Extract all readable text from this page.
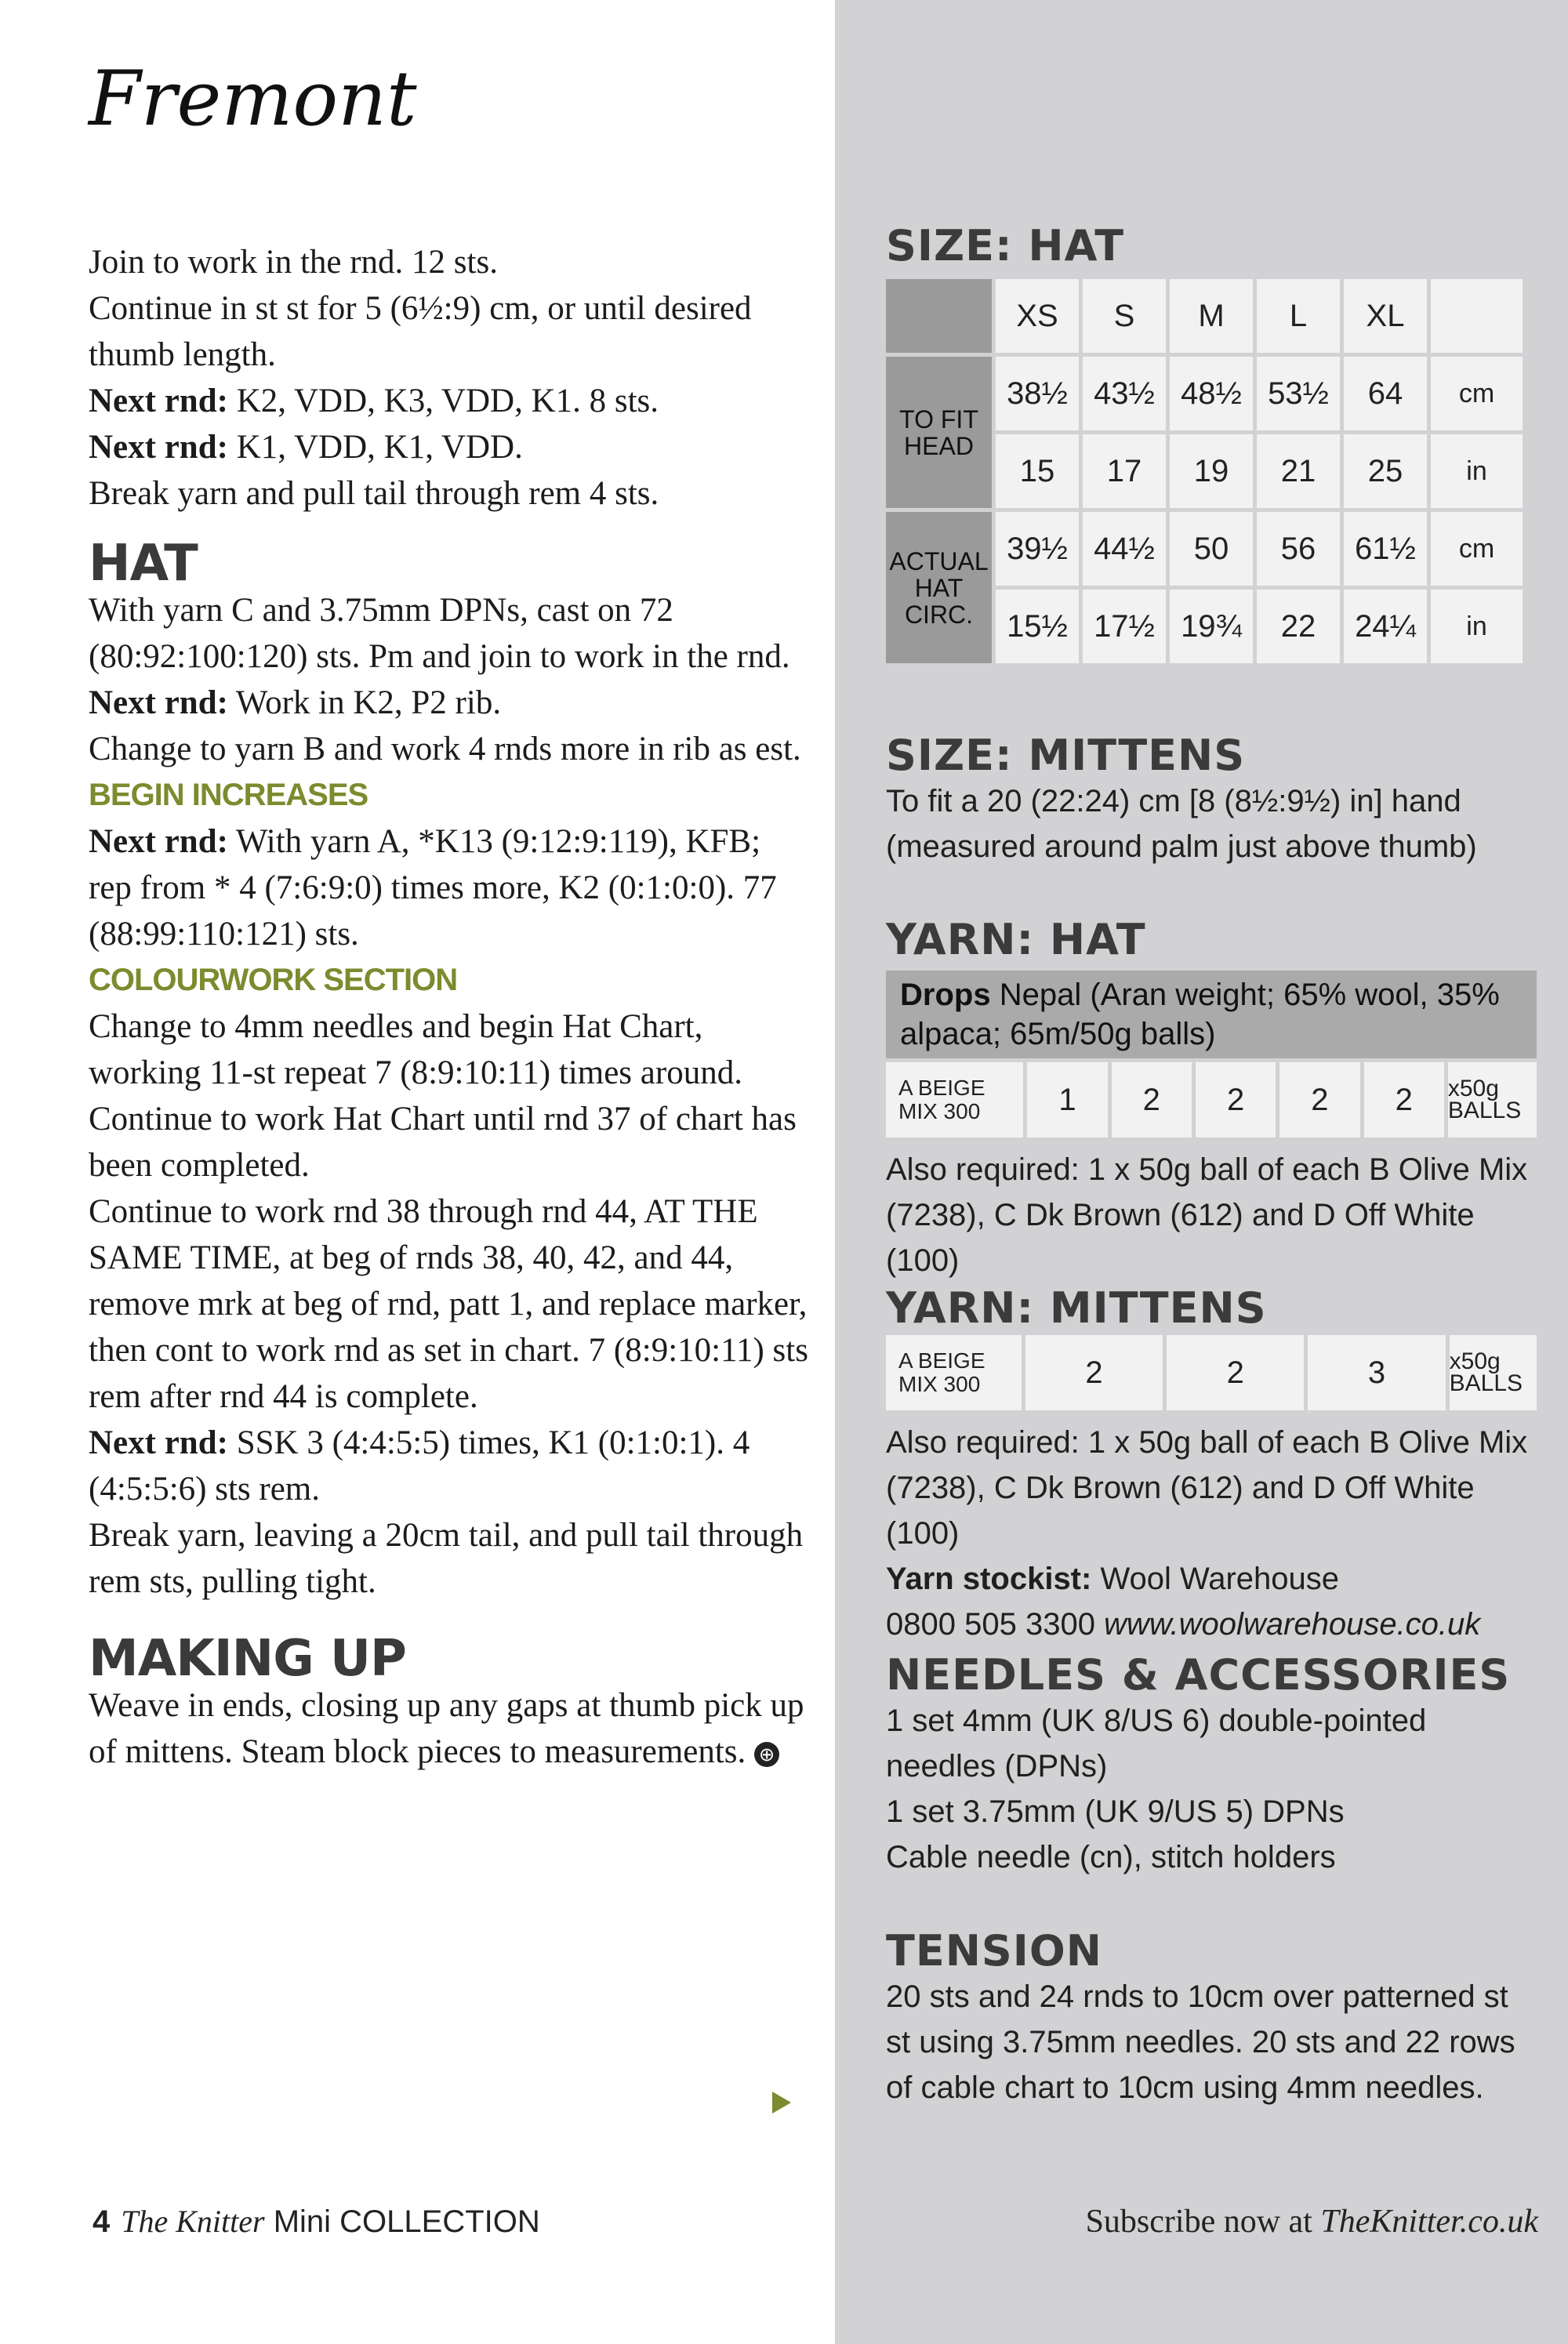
Fremont

Join to work in the rnd. 12 sts.

Continue in st st for 5 (6½:9) cm, or until desired thumb length.

Next rnd: K2, VDD, K3, VDD, K1. 8 sts.

Next rnd: K1, VDD, K1, VDD.

Break yarn and pull tail through rem 4 sts.

HAT

With yarn C and 3.75mm DPNs, cast on 72 (80:92:100:120) sts. Pm and join to work in the rnd.

Next rnd: Work in K2, P2 rib.

Change to yarn B and work 4 rnds more in rib as est.

BEGIN INCREASES

Next rnd: With yarn A, *K13 (9:12:9:119), KFB; rep from * 4 (7:6:9:0) times more, K2 (0:1:0:0). 77 (88:99:110:121) sts.

COLOURWORK SECTION

Change to 4mm needles and begin Hat Chart, working 11-st repeat 7 (8:9:10:11) times around.

Continue to work Hat Chart until rnd 37 of chart has been completed.

Continue to work rnd 38 through rnd 44, AT THE SAME TIME, at beg of rnds 38, 40, 42, and 44, remove mrk at beg of rnd, patt 1, and replace marker, then cont to work rnd as set in chart. 7 (8:9:10:11) sts rem after rnd 44 is complete.

Next rnd: SSK 3 (4:4:5:5) times, K1 (0:1:0:1). 4 (4:5:5:6) sts rem.

Break yarn, leaving a 20cm tail, and pull tail through rem sts, pulling tight.

MAKING UP

Weave in ends, closing up any gaps at thumb pick up of mittens. Steam block pieces to measurements. ⊕

4 The Knitter Mini COLLECTION	Subscribe now at TheKnitter.co.uk

SIZE: HAT

	XS	S	M	L	XL	
TO FIT HEAD	38½	43½	48½	53½	64	cm
	15	17	19	21	25	in
ACTUAL HAT CIRC.	39½	44½	50	56	61½	cm
	15½	17½	19¾	22	24¼	in

SIZE: MITTENS

To fit a 20 (22:24) cm [8 (8½:9½) in] hand (measured around palm just above thumb)

YARN: HAT

Drops Nepal (Aran weight; 65% wool, 35% alpaca; 65m/50g balls)
A BEIGE MIX 300	1	2	2	2	2	x50g BALLS

Also required: 1 x 50g ball of each B Olive Mix (7238), C Dk Brown (612) and D Off White (100)

YARN: MITTENS

A BEIGE MIX 300	2	2	3	x50g BALLS

Also required: 1 x 50g ball of each B Olive Mix (7238), C Dk Brown (612) and D Off White (100)

Yarn stockist: Wool Warehouse

0800 505 3300 www.woolwarehouse.co.uk

NEEDLES & ACCESSORIES

1 set 4mm (UK 8/US 6) double-pointed needles (DPNs)

1 set 3.75mm (UK 9/US 5) DPNs

Cable needle (cn), stitch holders

TENSION

20 sts and 24 rnds to 10cm over patterned st st using 3.75mm needles. 20 sts and 22 rows of cable chart to 10cm using 4mm needles.
